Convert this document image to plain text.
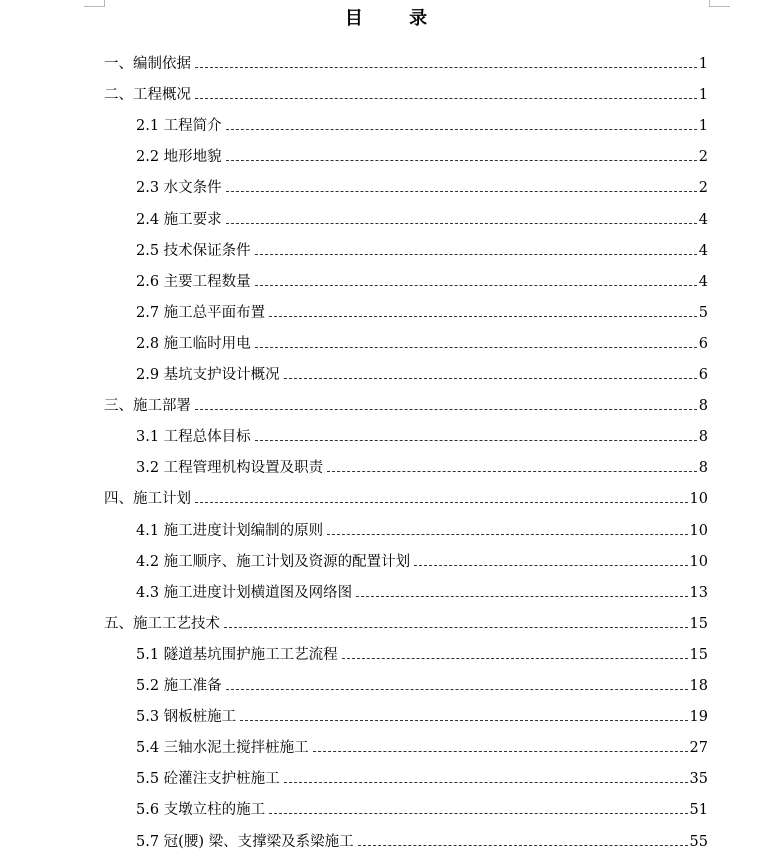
目 录
一、编制依据	1
二、工程概况	1
2.1 工程简介	1
2.2 地形地貌	2
2.3 水文条件	2
2.4 施工要求	4
2.5 技术保证条件	4
2.6 主要工程数量	4
2.7 施工总平面布置	5
2.8 施工临时用电	6
2.9 基坑支护设计概况	6
三、施工部署	8
3.1 工程总体目标	8
3.2 工程管理机构设置及职责	8
四、施工计划	10
4.1 施工进度计划编制的原则	10
4.2 施工顺序、施工计划及资源的配置计划	10
4.3 施工进度计划横道图及网络图	13
五、施工工艺技术	15
5.1 隧道基坑围护施工工艺流程	15
5.2 施工准备	18
5.3 钢板桩施工	19
5.4 三轴水泥土搅拌桩施工	27
5.5 砼灌注支护桩施工	35
5.6 支墩立柱的施工	51
5.7 冠(腰) 梁、支撑梁及系梁施工	55
